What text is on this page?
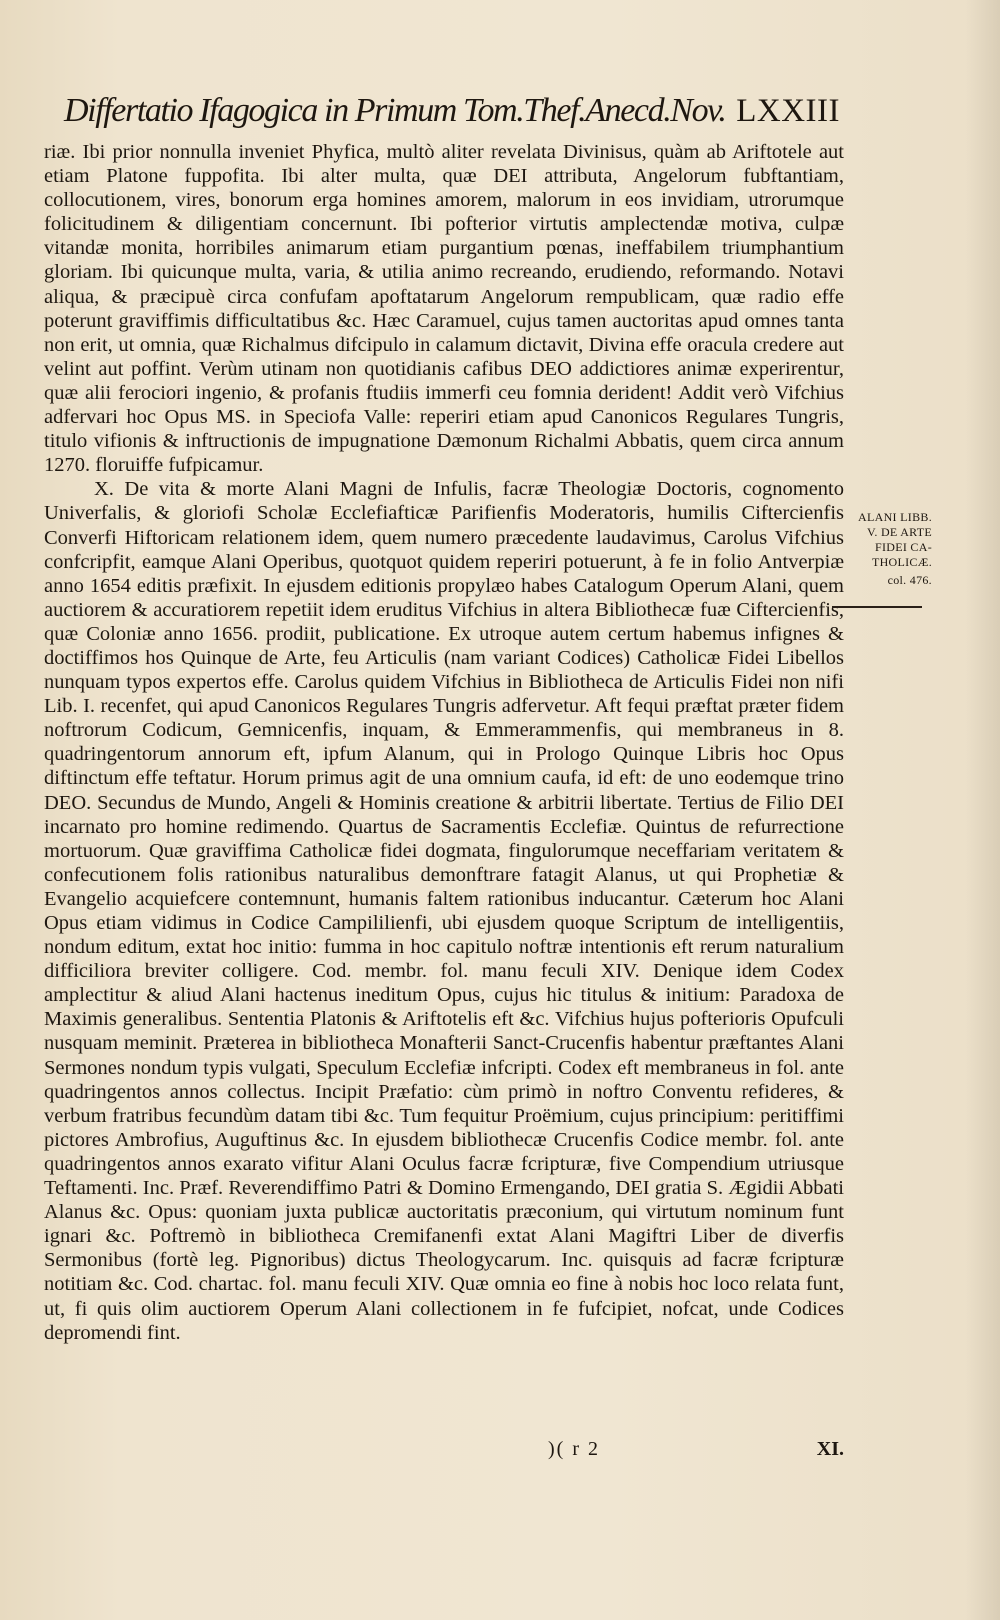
Differtatio Ifagogica in Primum Tom.Thef.Anecd.Nov. LXXIII

riæ. Ibi prior nonnulla inveniet Phyfica, multò aliter revelata Divinisus, quàm ab Ariftotele aut etiam Platone fuppofita. Ibi alter multa, quæ DEI attributa, Angelorum fubftantiam, collocutionem, vires, bonorum erga homines amorem, malorum in eos invidiam, utrorumque folicitudinem & diligentiam concernunt. Ibi pofterior virtutis amplectendæ motiva, culpæ vitandæ monita, horribiles animarum etiam purgantium pœnas, ineffabilem triumphantium gloriam. Ibi quicunque multa, varia, & utilia animo recreando, erudiendo, reformando. Notavi aliqua, & præcipuè circa confufam apoftatarum Angelorum rempublicam, quæ radio effe poterunt graviffimis difficultatibus &c. Hæc Caramuel, cujus tamen auctoritas apud omnes tanta non erit, ut omnia, quæ Richalmus difcipulo in calamum dictavit, Divina effe oracula credere aut velint aut poffint. Verùm utinam non quotidianis cafibus DEO addictiores animæ experirentur, quæ alii ferociori ingenio, & profanis ftudiis immerfi ceu fomnia derident! Addit verò Vifchius adfervari hoc Opus MS. in Speciofa Valle: reperiri etiam apud Canonicos Regulares Tungris, titulo vifionis & inftructionis de impugnatione Dæmonum Richalmi Abbatis, quem circa annum 1270. floruiffe fufpicamur.

X. De vita & morte Alani Magni de Infulis, facræ Theologiæ Doctoris, cognomento Univerfalis, & gloriofi Scholæ Ecclefiafticæ Parifienfis Moderatoris, humilis Ciftercienfis Converfi Hiftoricam relationem idem, quem numero præcedente laudavimus, Carolus Vifchius confcripfit, eamque Alani Operibus, quotquot quidem reperiri potuerunt, à fe in folio Antverpiæ anno 1654 editis præfixit. In ejusdem editionis propylæo habes Catalogum Operum Alani, quem auctiorem & accuratiorem repetiit idem eruditus Vifchius in altera Bibliothecæ fuæ Ciftercienfis, quæ Coloniæ anno 1656. prodiit, publicatione. Ex utroque autem certum habemus infignes & doctiffimos hos Quinque de Arte, feu Articulis (nam variant Codices) Catholicæ Fidei Libellos nunquam typos expertos effe. Carolus quidem Vifchius in Bibliotheca de Articulis Fidei non nifi Lib. I. recenfet, qui apud Canonicos Regulares Tungris adfervetur. Aft fequi præftat præter fidem noftrorum Codicum, Gemnicenfis, inquam, & Emmerammenfis, qui membraneus in 8. quadringentorum annorum eft, ipfum Alanum, qui in Prologo Quinque Libris hoc Opus diftinctum effe teftatur. Horum primus agit de una omnium caufa, id eft: de uno eodemque trino DEO. Secundus de Mundo, Angeli & Hominis creatione & arbitrii libertate. Tertius de Filio DEI incarnato pro homine redimendo. Quartus de Sacramentis Ecclefiæ. Quintus de refurrectione mortuorum. Quæ graviffima Catholicæ fidei dogmata, fingulorumque neceffariam veritatem & confecutionem folis rationibus naturalibus demonftrare fatagit Alanus, ut qui Prophetiæ & Evangelio acquiefcere contemnunt, humanis faltem rationibus inducantur. Cæterum hoc Alani Opus etiam vidimus in Codice Campililienfi, ubi ejusdem quoque Scriptum de intelligentiis, nondum editum, extat hoc initio: fumma in hoc capitulo noftræ intentionis eft rerum naturalium difficiliora breviter colligere. Cod. membr. fol. manu feculi XIV. Denique idem Codex amplectitur & aliud Alani hactenus ineditum Opus, cujus hic titulus & initium: Paradoxa de Maximis generalibus. Sententia Platonis & Ariftotelis eft &c. Vifchius hujus pofterioris Opufculi nusquam meminit. Præterea in bibliotheca Monafterii Sanct-Crucenfis habentur præftantes Alani Sermones nondum typis vulgati, Speculum Ecclefiæ infcripti. Codex eft membraneus in fol. ante quadringentos annos collectus. Incipit Præfatio: cùm primò in noftro Conventu refideres, & verbum fratribus fecundùm datam tibi &c. Tum fequitur Proëmium, cujus principium: peritiffimi pictores Ambrofius, Auguftinus &c. In ejusdem bibliothecæ Crucenfis Codice membr. fol. ante quadringentos annos exarato vifitur Alani Oculus facræ fcripturæ, five Compendium utriusque Teftamenti. Inc. Præf. Reverendiffimo Patri & Domino Ermengando, DEI gratia S. Ægidii Abbati Alanus &c. Opus: quoniam juxta publicæ auctoritatis præconium, qui virtutum nominum funt ignari &c. Poftremò in bibliotheca Cremifanenfi extat Alani Magiftri Liber de diverfis Sermonibus (fortè leg. Pignoribus) dictus Theologycarum. Inc. quisquis ad facræ fcripturæ notitiam &c. Cod. chartac. fol. manu feculi XIV. Quæ omnia eo fine à nobis hoc loco relata funt, ut, fi quis olim auctiorem Operum Alani collectionem in fe fufcipiet, nofcat, unde Codices depromendi fint.

ALANI LIBB.
V. DE ARTE
FIDEI CA-
THOLICÆ.
col. 476.
)( r 2	XI.
